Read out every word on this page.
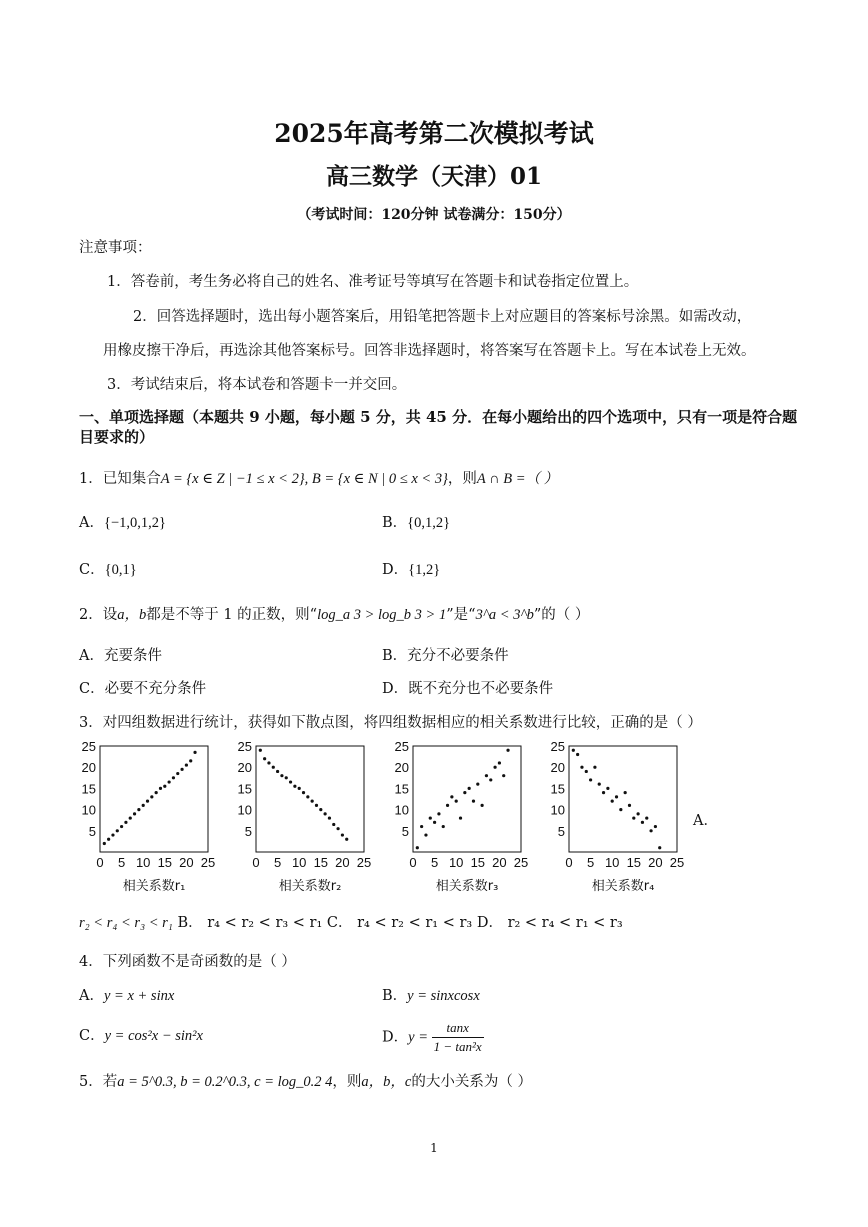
2025年高考第二次模拟考试
高三数学（天津）01
（考试时间：120分钟 试卷满分：150分）
注意事项：
1．答卷前，考生务必将自己的姓名、准考证号等填写在答题卡和试卷指定位置上。
2．回答选择题时，选出每小题答案后，用铅笔把答题卡上对应题目的答案标号涂黑。如需改动，
用橡皮擦干净后，再选涂其他答案标号。回答非选择题时，将答案写在答题卡上。写在本试卷上无效。
3．考试结束后，将本试卷和答题卡一并交回。
一、单项选择题（本题共 9 小题，每小题 5 分，共 45 分．在每小题给出的四个选项中，只有一项是符合题
目要求的）
1．已知集合A = {x ∈ Z | −1 ≤ x < 2}, B = {x ∈ N | 0 ≤ x < 3}，则A ∩ B =（ ）
A．{−1,0,1,2}	B．{0,1,2}
C．{0,1}	D．{1,2}
2．设a，b都是不等于 1 的正数，则“log_a 3 > log_b 3 > 1”是“3^a < 3^b”的（ ）
A．充要条件	B．充分不必要条件
C．必要不充分条件	D．既不充分也不必要条件
3．对四组数据进行统计，获得如下散点图，将四组数据相应的相关系数进行比较，正确的是（ ）
0 5 10 15 20 25
5
10
15
20
25
相关系数r₁
0 5 10 15 20 25
5
10
15
20
25
相关系数r₂
0 5 10 15 20 25
5
10
15
20
25
相关系数r₃
0 5 10 15 20 25
5
10
15
20
25
相关系数r₄
A．
r₂ < r₄ < r₃ < r₁ B． r₄ < r₂ < r₃ < r₁ C． r₄ < r₂ < r₁ < r₃ D． r₂ < r₄ < r₁ < r₃
4．下列函数不是奇函数的是（ ）
A．y = x + sinx	B．y = sinxcosx
C．y = cos²x − sin²x	D．$y = \frac{\tan x}{\text{1 − tan²x}}$
5．若a = 5^0.3, b = 0.2^0.3, c = log_0.2 4，则a，b，c的大小关系为（ ）
1
